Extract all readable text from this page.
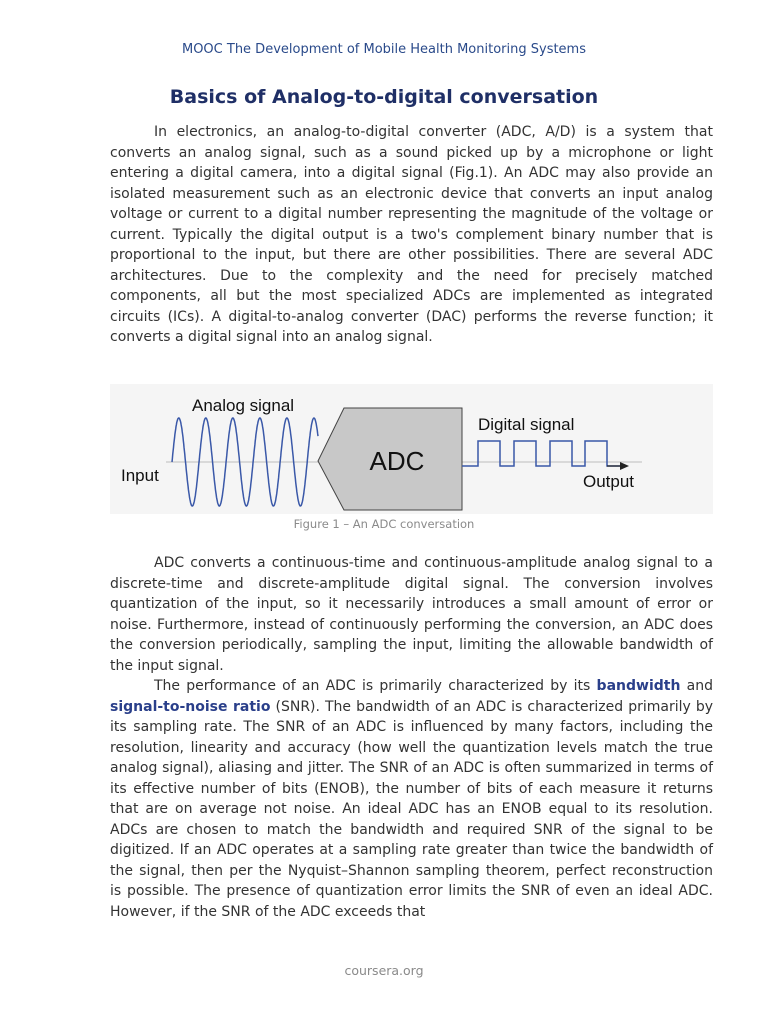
MOOC The Development of Mobile Health Monitoring Systems
Basics of Analog-to-digital conversation

In electronics, an analog-to-digital converter (ADC, A/D) is a system that converts an analog signal, such as a sound picked up by a microphone or light entering a digital camera, into a digital signal (Fig.1). An ADC may also provide an isolated measurement such as an electronic device that converts an input analog voltage or current to a digital number representing the magnitude of the voltage or current. Typically the digital output is a two's complement binary number that is proportional to the input, but there are other possibilities. There are several ADC architectures. Due to the complexity and the need for precisely matched components, all but the most specialized ADCs are implemented as integrated circuits (ICs). A digital-to-analog converter (DAC) performs the reverse function; it converts a digital signal into an analog signal.

ADC
Analog signal
Input
Digital signal
Output
Figure 1 – An ADC conversation

ADC converts a continuous-time and continuous-amplitude analog signal to a discrete-time and discrete-amplitude digital signal. The conversion involves quantization of the input, so it necessarily introduces a small amount of error or noise. Furthermore, instead of continuously performing the conversion, an ADC does the conversion periodically, sampling the input, limiting the allowable bandwidth of the input signal.

The performance of an ADC is primarily characterized by its bandwidth and signal-to-noise ratio (SNR). The bandwidth of an ADC is characterized primarily by its sampling rate. The SNR of an ADC is influenced by many factors, including the resolution, linearity and accuracy (how well the quantization levels match the true analog signal), aliasing and jitter. The SNR of an ADC is often summarized in terms of its effective number of bits (ENOB), the number of bits of each measure it returns that are on average not noise. An ideal ADC has an ENOB equal to its resolution. ADCs are chosen to match the bandwidth and required SNR of the signal to be digitized. If an ADC operates at a sampling rate greater than twice the bandwidth of the signal, then per the Nyquist–Shannon sampling theorem, perfect reconstruction is possible. The presence of quantization error limits the SNR of even an ideal ADC. However, if the SNR of the ADC exceeds that

coursera.org
